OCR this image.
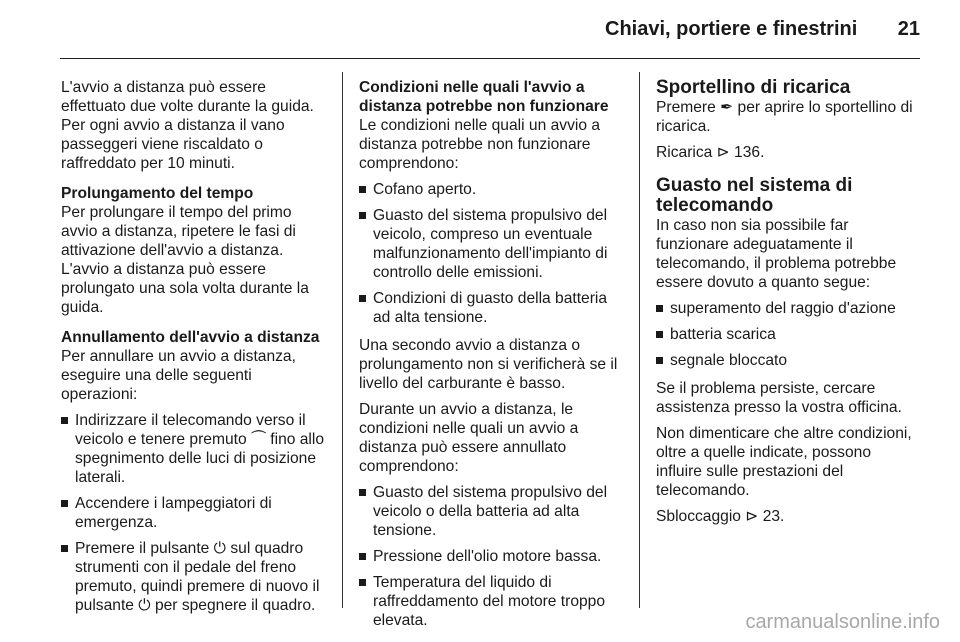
Chiavi, portiere e finestrini 21

L'avvio a distanza può essere effettuato due volte durante la guida. Per ogni avvio a distanza il vano passeggeri viene riscaldato o raffreddato per 10 minuti.

Prolungamento del tempo

Per prolungare il tempo del primo avvio a distanza, ripetere le fasi di attivazione dell'avvio a distanza. L'avvio a distanza può essere prolungato una sola volta durante la guida.

Annullamento dell'avvio a distanza

Per annullare un avvio a distanza, eseguire una delle seguenti operazioni:

Indirizzare il telecomando verso il veicolo e tenere premuto ⏜ fino allo spegnimento delle luci di posizione laterali.
Accendere i lampeggiatori di emergenza.
Premere il pulsante ⏻ sul quadro strumenti con il pedale del freno premuto, quindi premere di nuovo il pulsante ⏻ per spegnere il quadro.
Condizioni nelle quali l'avvio a distanza potrebbe non funzionare

Le condizioni nelle quali un avvio a distanza potrebbe non funzionare comprendono:

Cofano aperto.
Guasto del sistema propulsivo del veicolo, compreso un eventuale malfunzionamento dell'impianto di controllo delle emissioni.
Condizioni di guasto della batteria ad alta tensione.

Una secondo avvio a distanza o prolungamento non si verificherà se il livello del carburante è basso.

Durante un avvio a distanza, le condizioni nelle quali un avvio a distanza può essere annullato comprendono:

Guasto del sistema propulsivo del veicolo o della batteria ad alta tensione.
Pressione dell'olio motore bassa.
Temperatura del liquido di raffreddamento del motore troppo elevata.
Sportellino di ricarica

Premere ✒ per aprire lo sportellino di ricarica.

Ricarica ⊳ 136.

Guasto nel sistema di telecomando

In caso non sia possibile far funzionare adeguatamente il telecomando, il problema potrebbe essere dovuto a quanto segue:

superamento del raggio d'azione
batteria scarica
segnale bloccato

Se il problema persiste, cercare assistenza presso la vostra officina.

Non dimenticare che altre condizioni, oltre a quelle indicate, possono influire sulle prestazioni del telecomando.

Sbloccaggio ⊳ 23.

carmanualsonline.info
